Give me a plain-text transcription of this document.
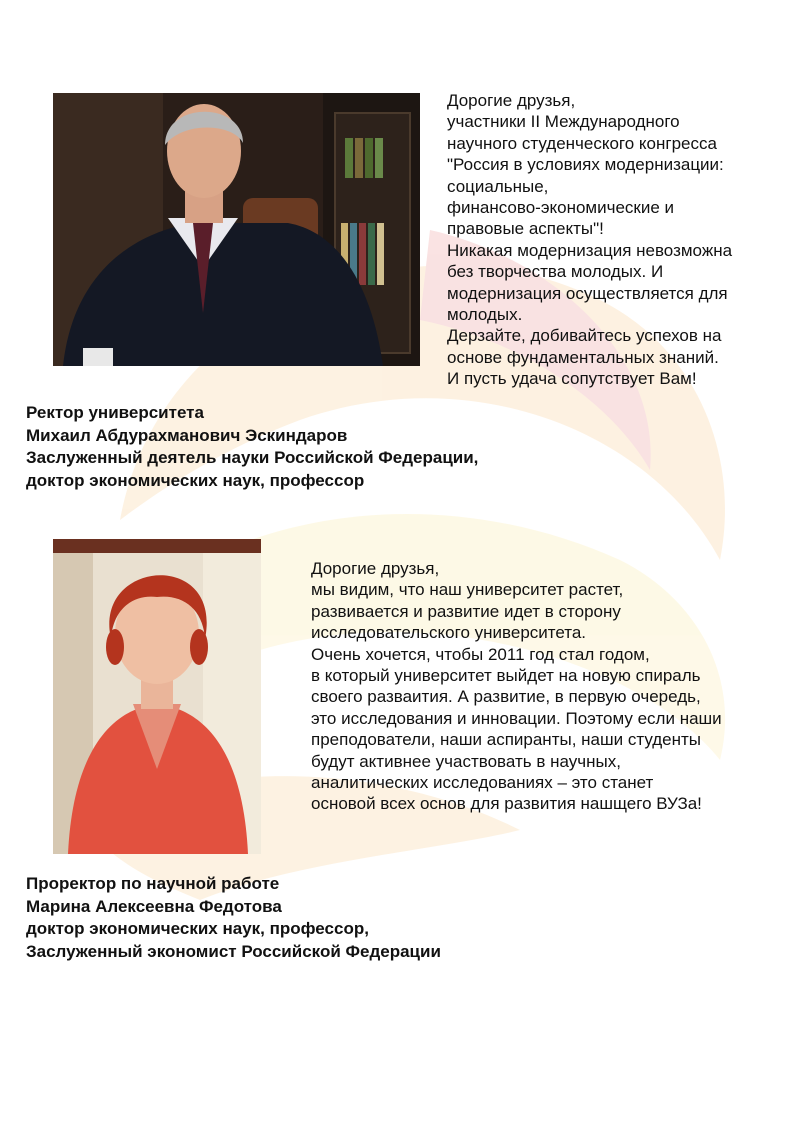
Дорогие друзья,
участники II Международного
научного студенческого конгресса
"Россия в условиях модернизации:
социальные,
финансово-экономические и
правовые аспекты"!
Никакая модернизация невозможна
без творчества молодых. И
модернизация осуществляется для
молодых.
Дерзайте, добивайтесь успехов на
основе фундаментальных знаний.
И пусть удача сопутствует Вам!
Ректор университета
Михаил Абдурахманович Эскиндаров
Заслуженный деятель науки Российской Федерации,
доктор экономических наук, профессор
Дорогие друзья,
мы видим, что наш университет растет,
развивается и развитие идет в сторону
исследовательского университета.
Очень хочется, чтобы 2011 год стал годом,
в который университет выйдет на новую спираль
своего разваития. А развитие, в первую очередь,
это исследования и инновации. Поэтому если наши
преподователи, наши аспиранты, наши студенты
будут активнее участвовать в научных,
аналитических исследованиях – это станет
основой всех основ для развития нашщего ВУЗа!
Проректор по научной работе
Марина Алексеевна Федотова
доктор экономических наук, профессор,
Заслуженный экономист Российской Федерации
